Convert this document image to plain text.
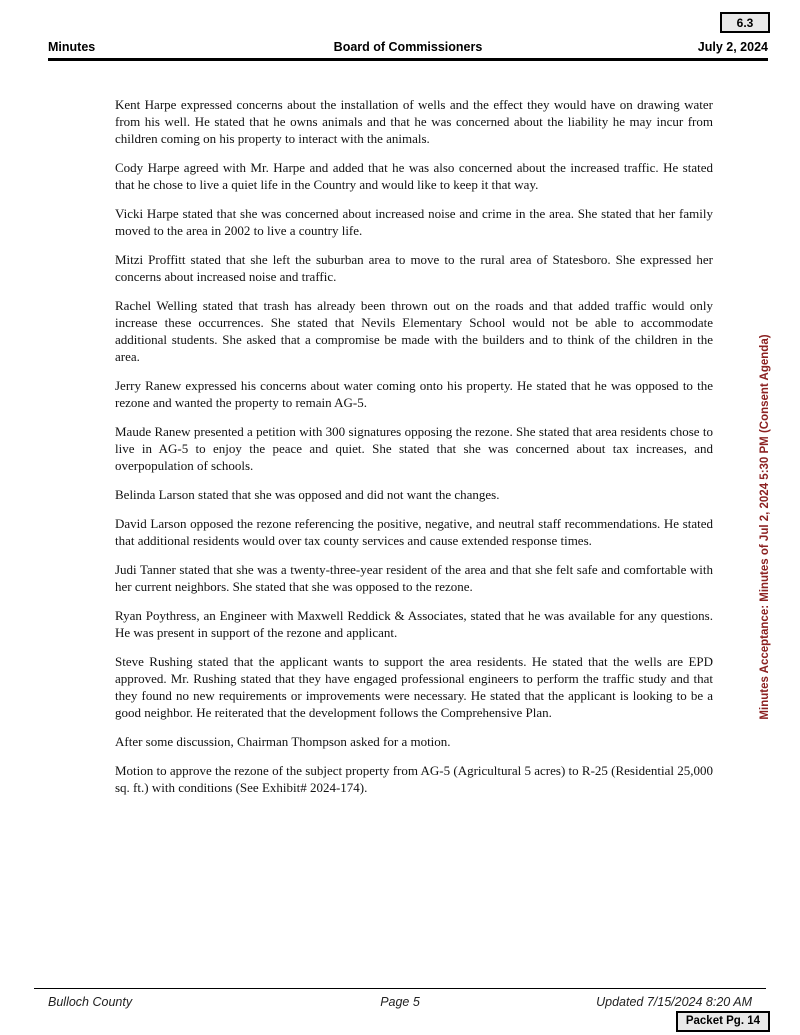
6.3
Board of Commissioners
Minutes	July 2, 2024

Kent Harpe expressed concerns about the installation of wells and the effect they would have on drawing water from his well. He stated that he owns animals and that he was concerned about the liability he may incur from children coming on his property to interact with the animals.

Cody Harpe agreed with Mr. Harpe and added that he was also concerned about the increased traffic. He stated that he chose to live a quiet life in the Country and would like to keep it that way.

Vicki Harpe stated that she was concerned about increased noise and crime in the area. She stated that her family moved to the area in 2002 to live a country life.

Mitzi Proffitt stated that she left the suburban area to move to the rural area of Statesboro. She expressed her concerns about increased noise and traffic.

Rachel Welling stated that trash has already been thrown out on the roads and that added traffic would only increase these occurrences. She stated that Nevils Elementary School would not be able to accommodate additional students. She asked that a compromise be made with the builders and to think of the children in the area.

Jerry Ranew expressed his concerns about water coming onto his property. He stated that he was opposed to the rezone and wanted the property to remain AG-5.

Maude Ranew presented a petition with 300 signatures opposing the rezone. She stated that area residents chose to live in AG-5 to enjoy the peace and quiet. She stated that she was concerned about tax increases, and overpopulation of schools.

Belinda Larson stated that she was opposed and did not want the changes.

David Larson opposed the rezone referencing the positive, negative, and neutral staff recommendations. He stated that additional residents would over tax county services and cause extended response times.

Judi Tanner stated that she was a twenty-three-year resident of the area and that she felt safe and comfortable with her current neighbors. She stated that she was opposed to the rezone.

Ryan Poythress, an Engineer with Maxwell Reddick & Associates, stated that he was available for any questions. He was present in support of the rezone and applicant.

Steve Rushing stated that the applicant wants to support the area residents. He stated that the wells are EPD approved. Mr. Rushing stated that they have engaged professional engineers to perform the traffic study and that they found no new requirements or improvements were necessary. He stated that the applicant is looking to be a good neighbor. He reiterated that the development follows the Comprehensive Plan.

After some discussion, Chairman Thompson asked for a motion.

Motion to approve the rezone of the subject property from AG-5 (Agricultural 5 acres) to R-25 (Residential 25,000 sq. ft.) with conditions (See Exhibit# 2024-174).

Minutes Acceptance: Minutes of Jul 2, 2024 5:30 PM (Consent Agenda)
Bulloch County	Page 5	Updated 7/15/2024 8:20 AM
Packet Pg. 14
